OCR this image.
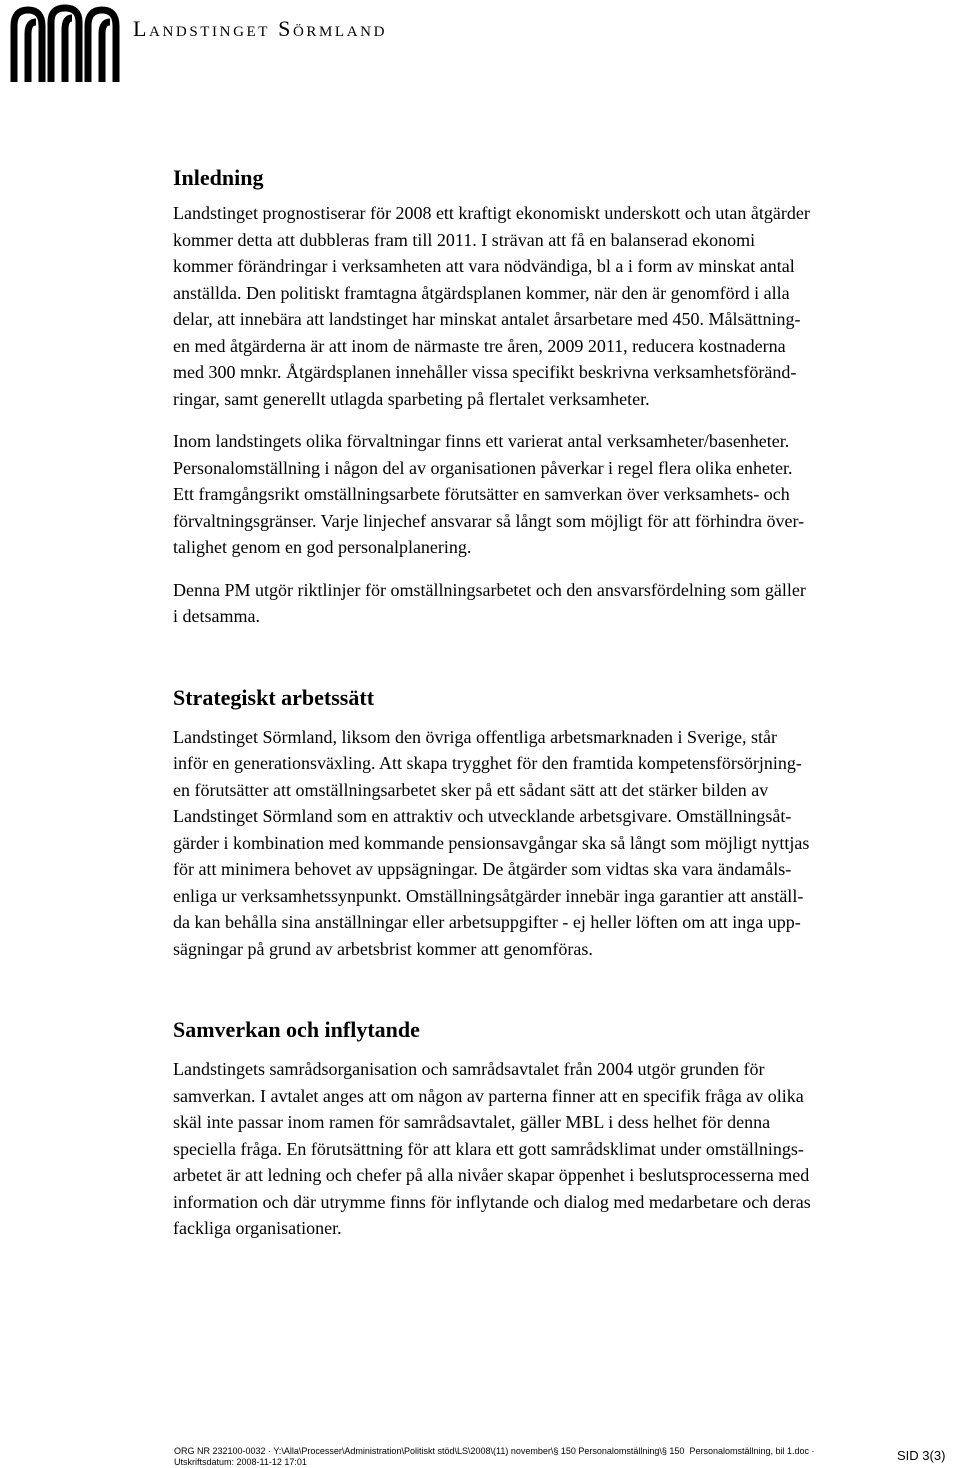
Landstinget Sörmland
Inledning

Landstinget prognostiserar för 2008 ett kraftigt ekonomiskt underskott och utan åtgärder
kommer detta att dubbleras fram till 2011. I strävan att få en balanserad ekonomi
kommer förändringar i verksamheten att vara nödvändiga, bl a i form av minskat antal
anställda. Den politiskt framtagna åtgärdsplanen kommer, när den är genomförd i alla
delar, att innebära att landstinget har minskat antalet årsarbetare med 450. Målsättning-
en med åtgärderna är att inom de närmaste tre åren, 2009 2011, reducera kostnaderna
med 300 mnkr. Åtgärdsplanen innehåller vissa specifikt beskrivna verksamhetsföränd-
ringar, samt generellt utlagda sparbeting på flertalet verksamheter.

Inom landstingets olika förvaltningar finns ett varierat antal verksamheter/basenheter.
Personalomställning i någon del av organisationen påverkar i regel flera olika enheter.
Ett framgångsrikt omställningsarbete förutsätter en samverkan över verksamhets- och
förvaltningsgränser. Varje linjechef ansvarar så långt som möjligt för att förhindra över-
talighet genom en god personalplanering.

Denna PM utgör riktlinjer för omställningsarbetet och den ansvarsfördelning som gäller
i detsamma.

Strategiskt arbetssätt

Landstinget Sörmland, liksom den övriga offentliga arbetsmarknaden i Sverige, står
inför en generationsväxling. Att skapa trygghet för den framtida kompetensförsörjning-
en förutsätter att omställningsarbetet sker på ett sådant sätt att det stärker bilden av
Landstinget Sörmland som en attraktiv och utvecklande arbetsgivare. Omställningsåt-
gärder i kombination med kommande pensionsavgångar ska så långt som möjligt nyttjas
för att minimera behovet av uppsägningar. De åtgärder som vidtas ska vara ändamåls-
enliga ur verksamhetssynpunkt. Omställningsåtgärder innebär inga garantier att anställ-
da kan behålla sina anställningar eller arbetsuppgifter - ej heller löften om att inga upp-
sägningar på grund av arbetsbrist kommer att genomföras.

Samverkan och inflytande

Landstingets samrådsorganisation och samrådsavtalet från 2004 utgör grunden för
samverkan. I avtalet anges att om någon av parterna finner att en specifik fråga av olika
skäl inte passar inom ramen för samrådsavtalet, gäller MBL i dess helhet för denna
speciella fråga. En förutsättning för att klara ett gott samrådsklimat under omställnings-
arbetet är att ledning och chefer på alla nivåer skapar öppenhet i beslutsprocesserna med
information och där utrymme finns för inflytande och dialog med medarbetare och deras
fackliga organisationer.

ORG NR 232100-0032 · Y:\Alla\Processer\Administration\Politiskt stöd\LS\2008\(11) november\§ 150 Personalomställning\§ 150  Personalomställning, bil 1.doc ·
Utskriftsdatum: 2008-11-12 17:01	SID 3(3)
